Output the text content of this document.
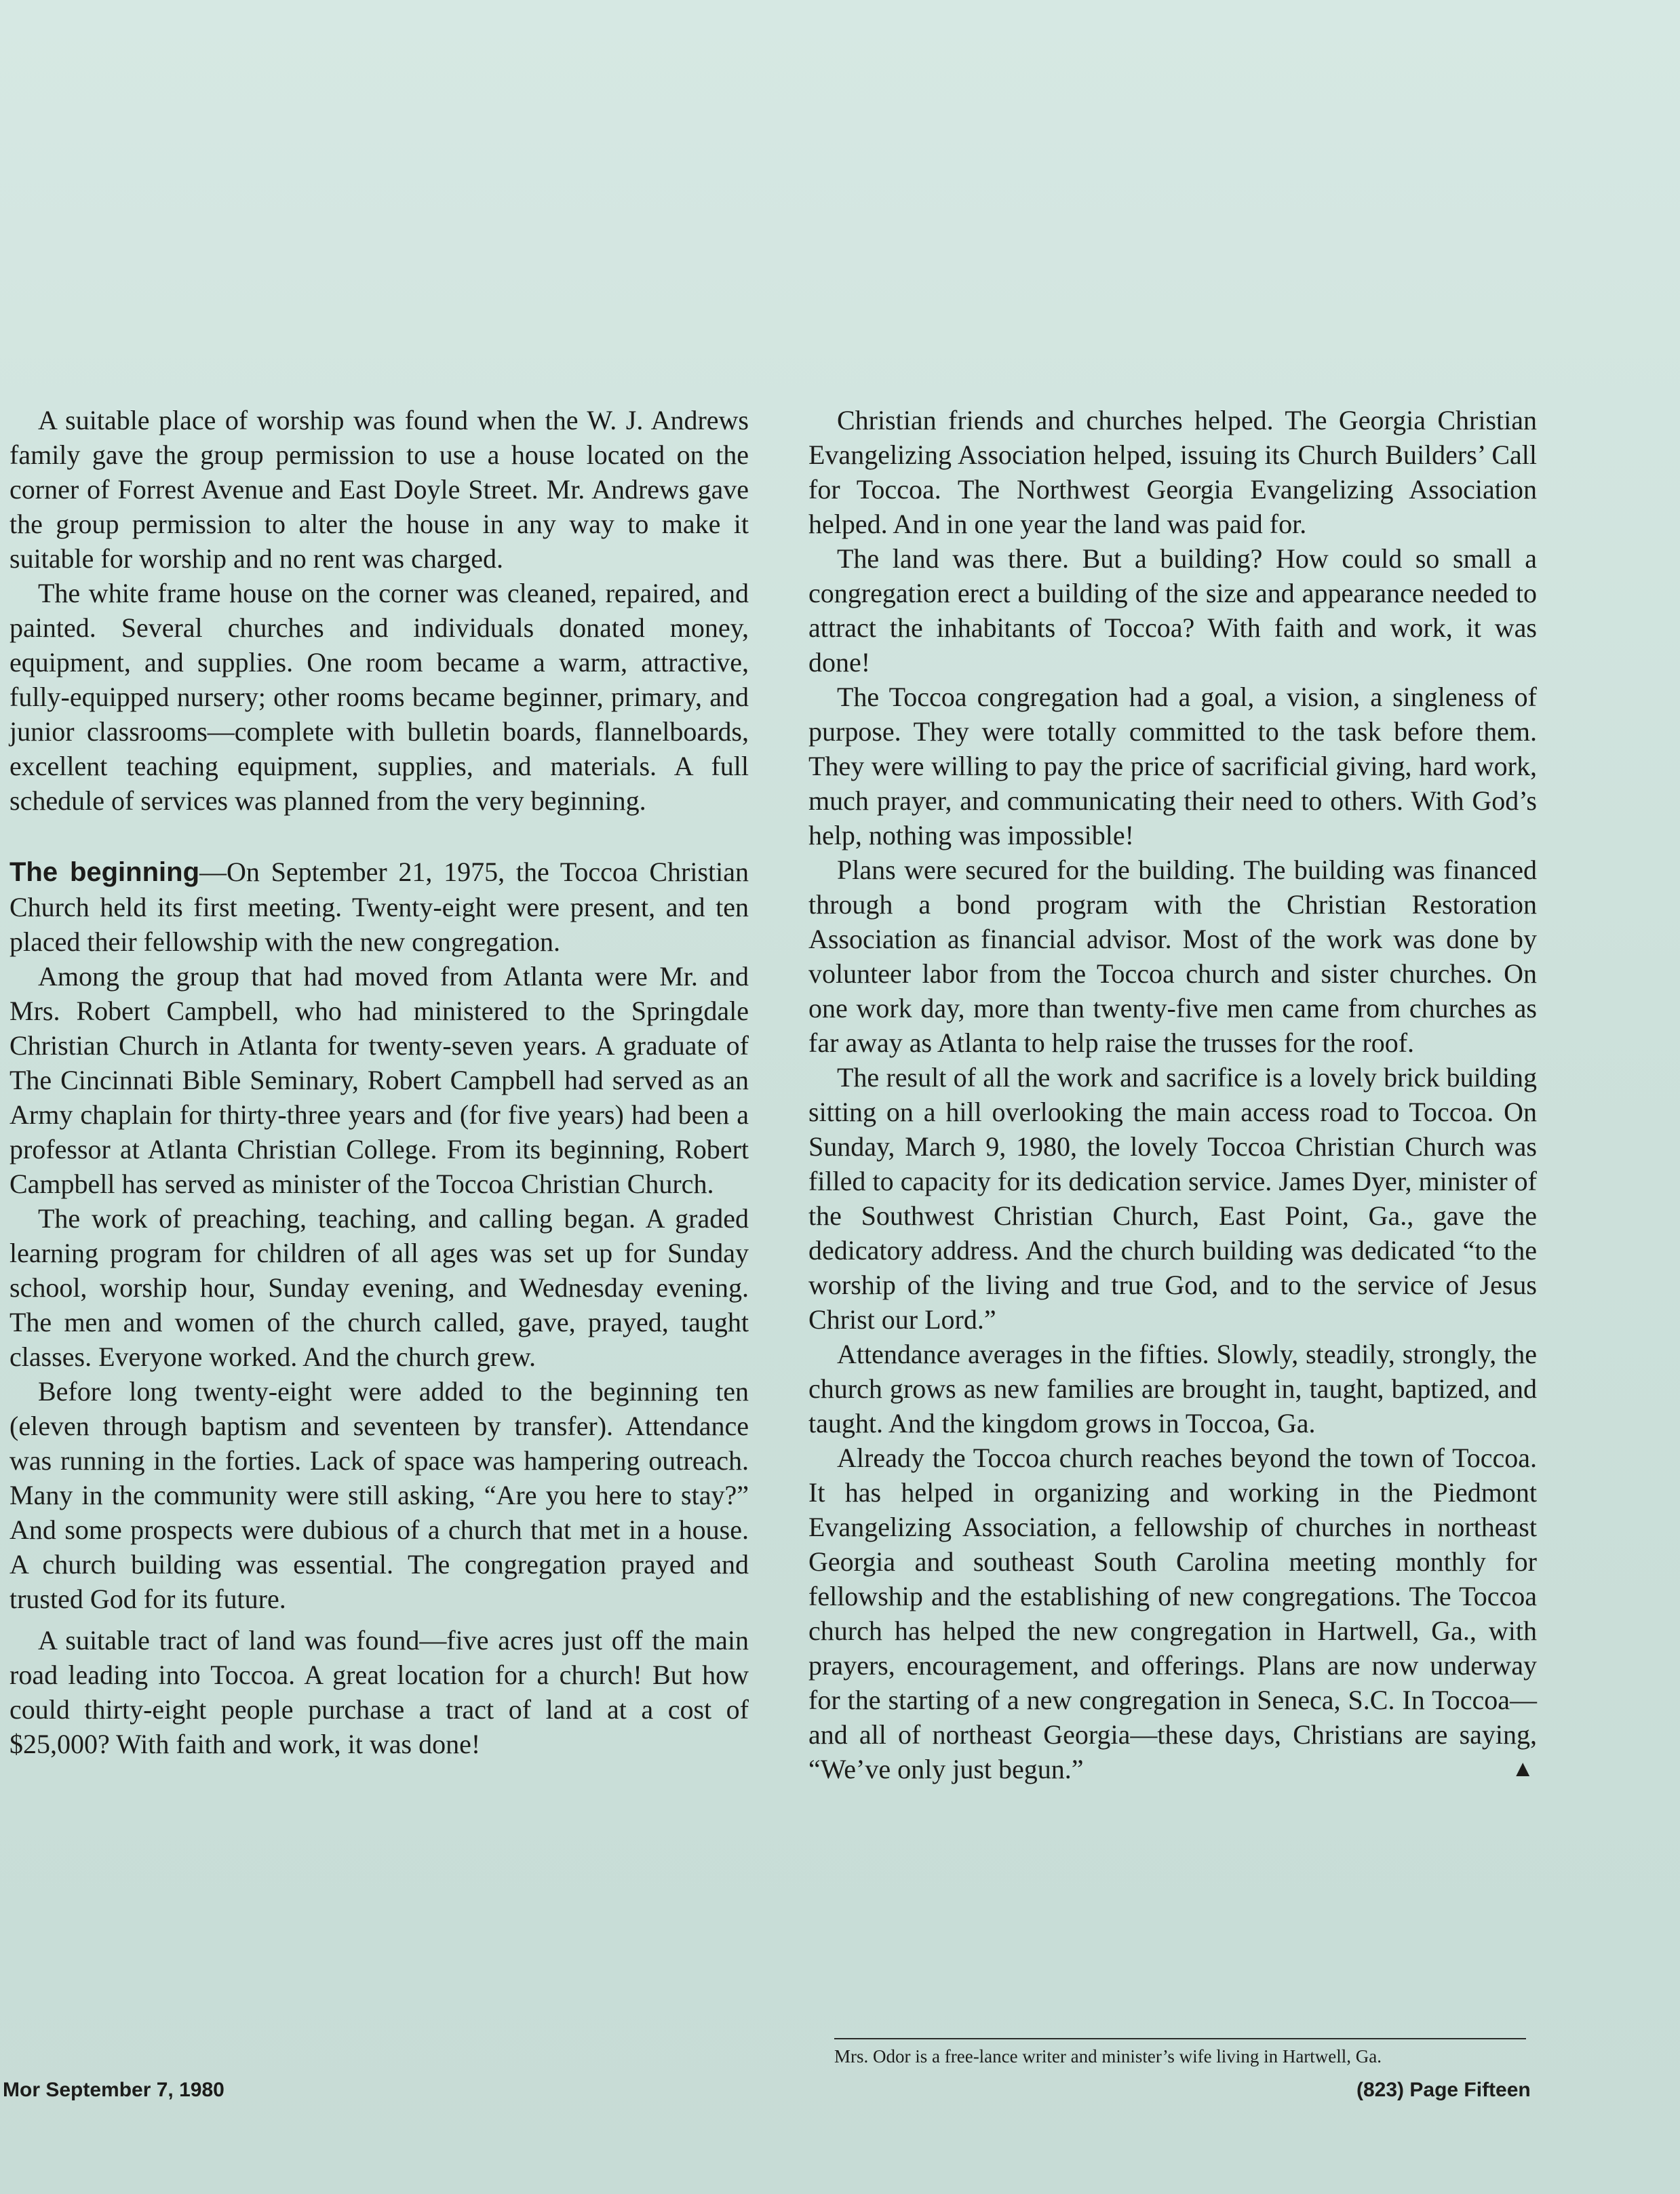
A suitable place of worship was found when the W. J. Andrews family gave the group permission to use a house located on the corner of Forrest Avenue and East Doyle Street. Mr. Andrews gave the group permission to alter the house in any way to make it suitable for worship and no rent was charged.

The white frame house on the corner was cleaned, repaired, and painted. Several churches and individuals donated money, equipment, and supplies. One room became a warm, attractive, fully-equipped nursery; other rooms became beginner, primary, and junior classrooms—complete with bulletin boards, flannelboards, excellent teaching equipment, supplies, and materials. A full schedule of services was planned from the very beginning.

The beginning—On September 21, 1975, the Toccoa Christian Church held its first meeting. Twenty-eight were present, and ten placed their fellowship with the new congregation.

Among the group that had moved from Atlanta were Mr. and Mrs. Robert Campbell, who had ministered to the Springdale Christian Church in Atlanta for twenty-seven years. A graduate of The Cincinnati Bible Seminary, Robert Campbell had served as an Army chaplain for thirty-three years and (for five years) had been a professor at Atlanta Christian College. From its beginning, Robert Campbell has served as minister of the Toccoa Christian Church.

The work of preaching, teaching, and calling began. A graded learning program for children of all ages was set up for Sunday school, worship hour, Sunday evening, and Wednesday evening. The men and women of the church called, gave, prayed, taught classes. Everyone worked. And the church grew.

Before long twenty-eight were added to the beginning ten (eleven through baptism and seventeen by transfer). Attendance was running in the forties. Lack of space was hampering outreach. Many in the community were still asking, “Are you here to stay?” And some prospects were dubious of a church that met in a house. A church building was essential. The congregation prayed and trusted God for its future.

A suitable tract of land was found—five acres just off the main road leading into Toccoa. A great location for a church! But how could thirty-eight people purchase a tract of land at a cost of $25,000? With faith and work, it was done!

Christian friends and churches helped. The Georgia Christian Evangelizing Association helped, issuing its Church Builders’ Call for Toccoa. The Northwest Georgia Evangelizing Association helped. And in one year the land was paid for.

The land was there. But a building? How could so small a congregation erect a building of the size and appearance needed to attract the inhabitants of Toccoa? With faith and work, it was done!

The Toccoa congregation had a goal, a vision, a singleness of purpose. They were totally committed to the task before them. They were willing to pay the price of sacrificial giving, hard work, much prayer, and communicating their need to others. With God’s help, nothing was impossible!

Plans were secured for the building. The building was financed through a bond program with the Christian Restoration Association as financial advisor. Most of the work was done by volunteer labor from the Toccoa church and sister churches. On one work day, more than twenty-five men came from churches as far away as Atlanta to help raise the trusses for the roof.

The result of all the work and sacrifice is a lovely brick building sitting on a hill overlooking the main access road to Toccoa. On Sunday, March 9, 1980, the lovely Toccoa Christian Church was filled to capacity for its dedication service. James Dyer, minister of the Southwest Christian Church, East Point, Ga., gave the dedicatory address. And the church building was dedicated “to the worship of the living and true God, and to the service of Jesus Christ our Lord.”

Attendance averages in the fifties. Slowly, steadily, strongly, the church grows as new families are brought in, taught, baptized, and taught. And the kingdom grows in Toccoa, Ga.

Already the Toccoa church reaches beyond the town of Toccoa. It has helped in organizing and working in the Piedmont Evangelizing Association, a fellowship of churches in northeast Georgia and southeast South Carolina meeting monthly for fellowship and the establishing of new congregations. The Toccoa church has helped the new congregation in Hartwell, Ga., with prayers, encouragement, and offerings. Plans are now underway for the starting of a new congregation in Seneca, S.C. In Toccoa—and all of northeast Georgia—these days, Christians are saying, “We’ve only just begun.”	▲

Mrs. Odor is a free-lance writer and minister’s wife living in Hartwell, Ga.
Mor September 7, 1980	(823) Page Fifteen
